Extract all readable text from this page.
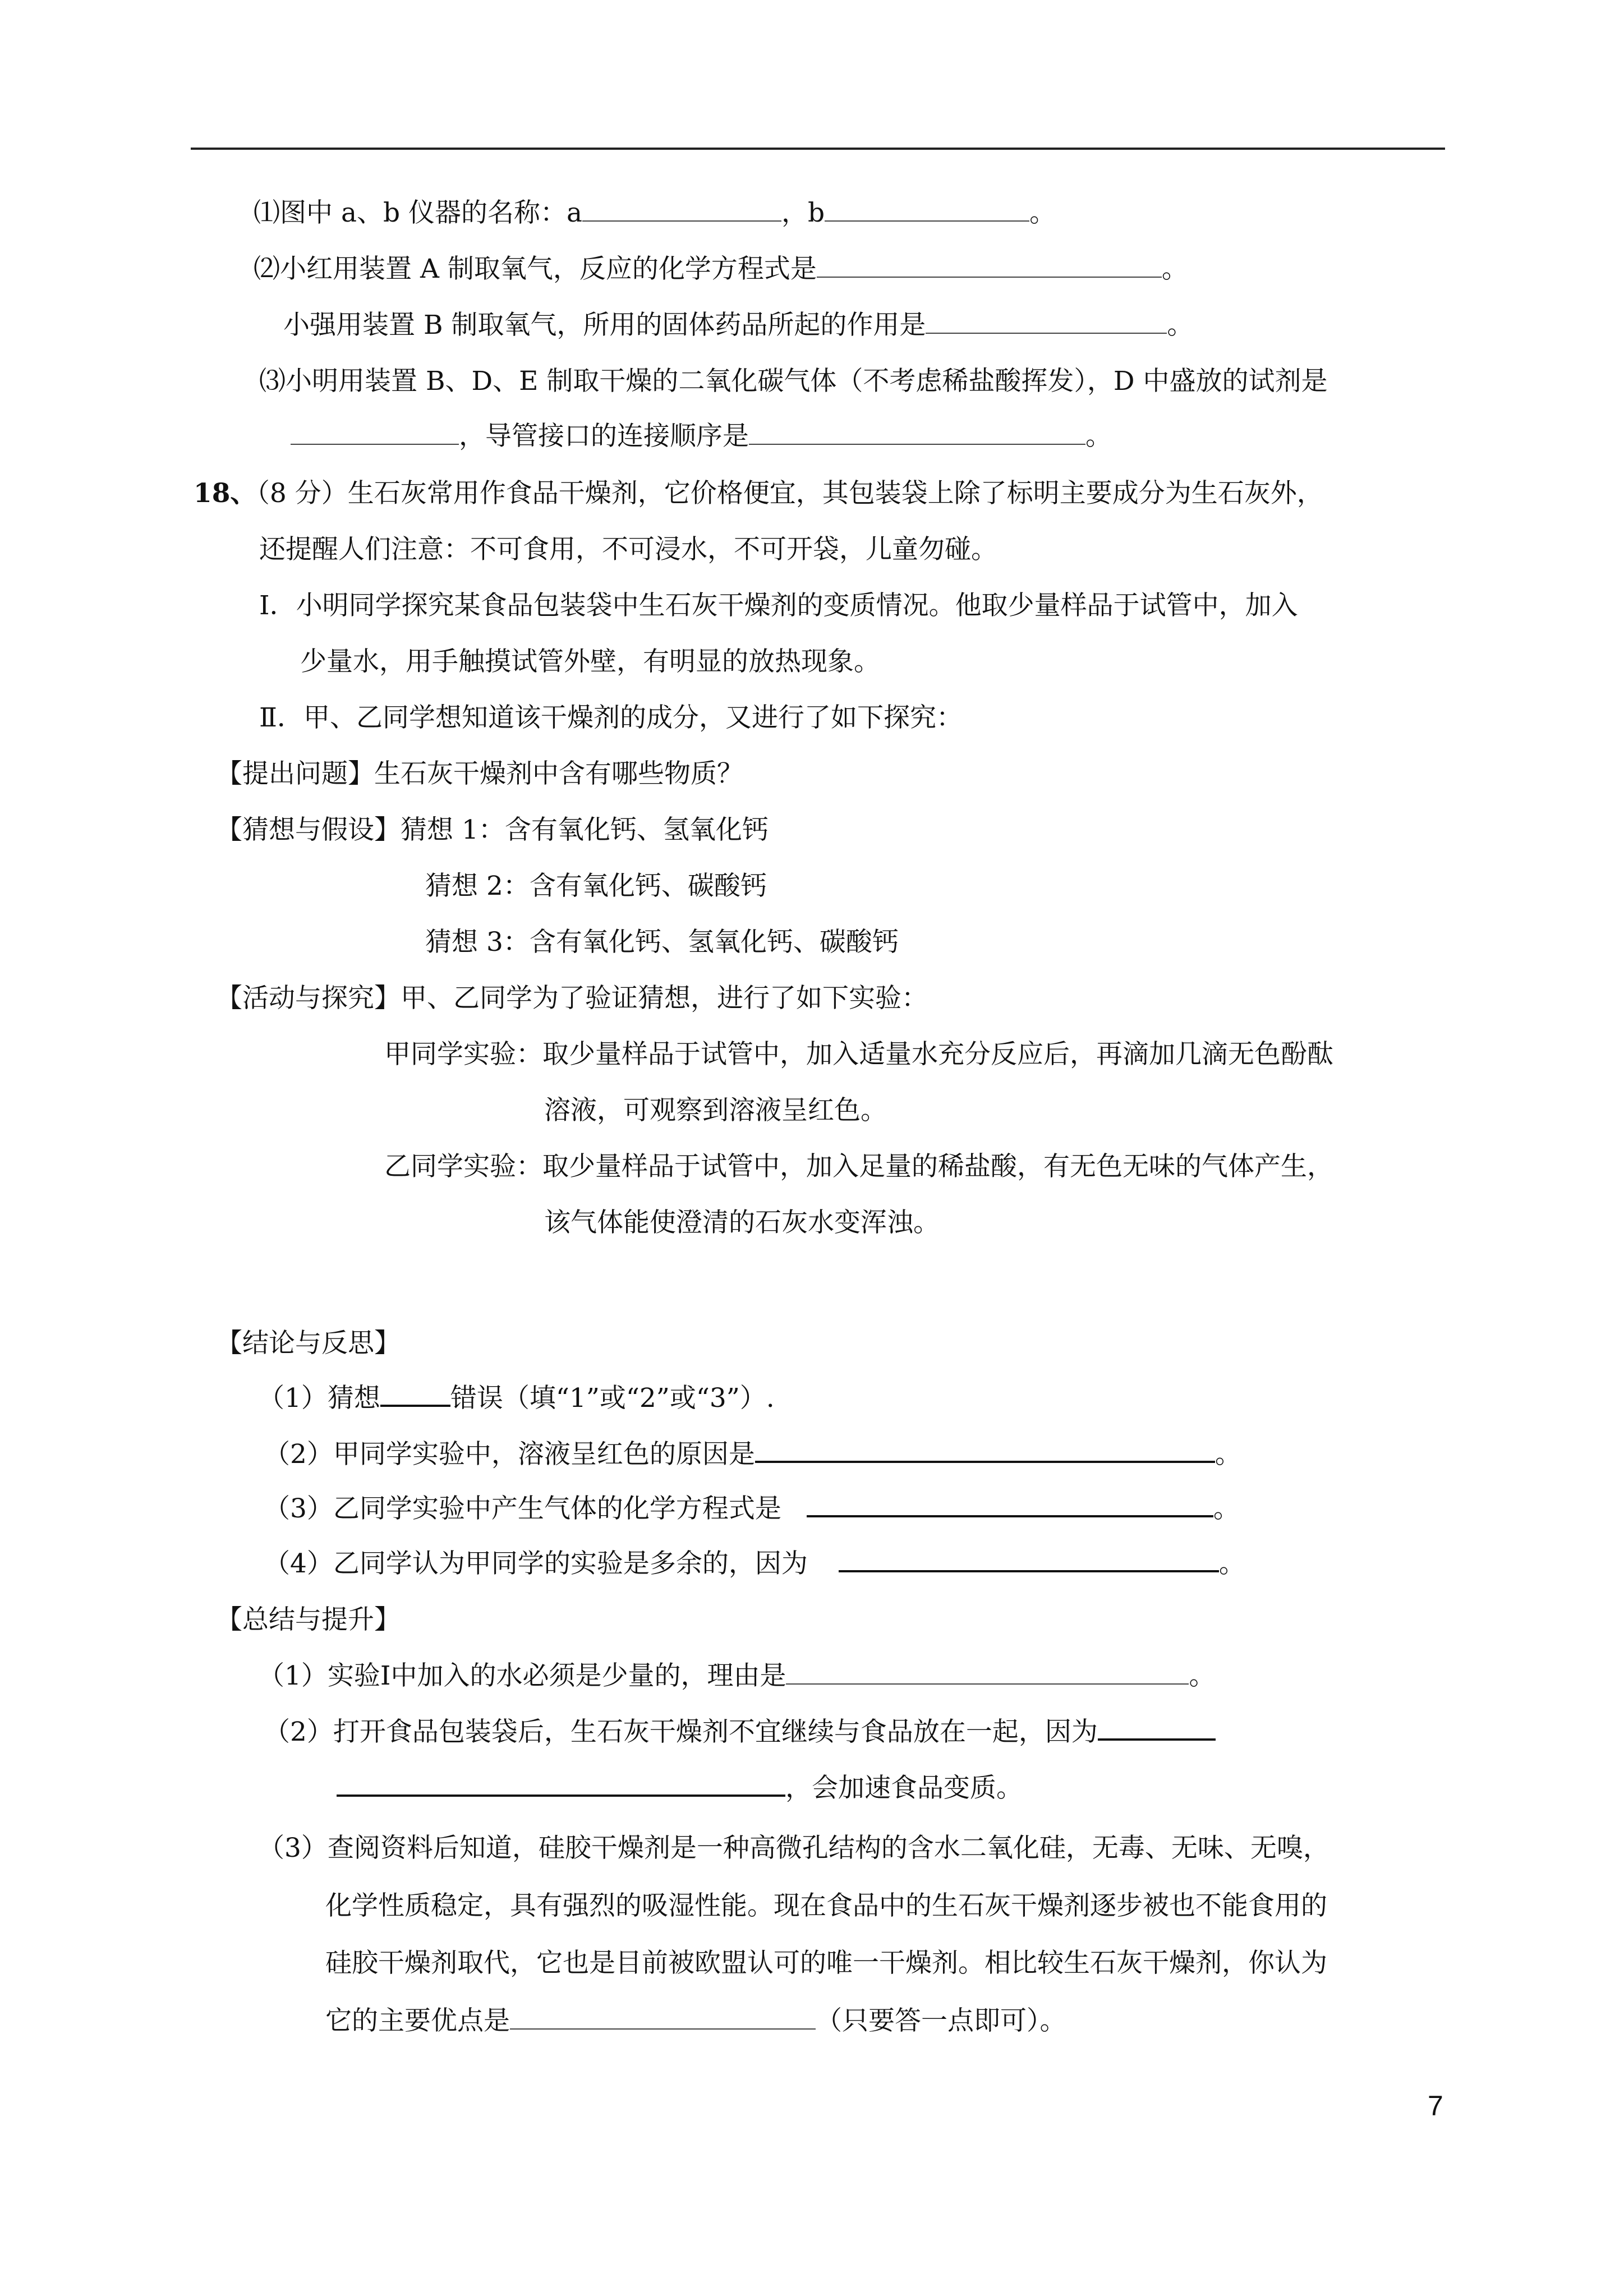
⑴图中 a、b 仪器的名称：a	，b	。
⑵小红用装置 A 制取氧气，反应的化学方程式是	。
小强用装置 B 制取氧气，所用的固体药品所起的作用是	。
⑶小明用装置 B、D、E 制取干燥的二氧化碳气体（不考虑稀盐酸挥发），D 中盛放的试剂是
，导管接口的连接顺序是	。
18、（8 分）生石灰常用作食品干燥剂，它价格便宜，其包装袋上除了标明主要成分为生石灰外，
还提醒人们注意：不可食用，不可浸水，不可开袋，儿童勿碰。
Ⅰ．小明同学探究某食品包装袋中生石灰干燥剂的变质情况。他取少量样品于试管中，加入
少量水，用手触摸试管外壁，有明显的放热现象。
Ⅱ．甲、乙同学想知道该干燥剂的成分，又进行了如下探究：
【提出问题】生石灰干燥剂中含有哪些物质？
【猜想与假设】猜想 1：含有氧化钙、氢氧化钙
猜想 2：含有氧化钙、碳酸钙
猜想 3：含有氧化钙、氢氧化钙、碳酸钙
【活动与探究】甲、乙同学为了验证猜想，进行了如下实验：
甲同学实验：取少量样品于试管中，加入适量水充分反应后，再滴加几滴无色酚酞
溶液，可观察到溶液呈红色。
乙同学实验：取少量样品于试管中，加入足量的稀盐酸，有无色无味的气体产生，
该气体能使澄清的石灰水变浑浊。
【结论与反思】
（1）猜想	错误（填“1”或“2”或“3”）.
（2）甲同学实验中，溶液呈红色的原因是	。
（3）乙同学实验中产生气体的化学方程式是	。
（4）乙同学认为甲同学的实验是多余的，因为	。
【总结与提升】
（1）实验Ⅰ中加入的水必须是少量的，理由是	。
（2）打开食品包装袋后，生石灰干燥剂不宜继续与食品放在一起，因为
，会加速食品变质。
（3）查阅资料后知道，硅胶干燥剂是一种高微孔结构的含水二氧化硅，无毒、无味、无嗅，
化学性质稳定，具有强烈的吸湿性能。现在食品中的生石灰干燥剂逐步被也不能食用的
硅胶干燥剂取代，它也是目前被欧盟认可的唯一干燥剂。相比较生石灰干燥剂，你认为
它的主要优点是	（只要答一点即可）。
7
